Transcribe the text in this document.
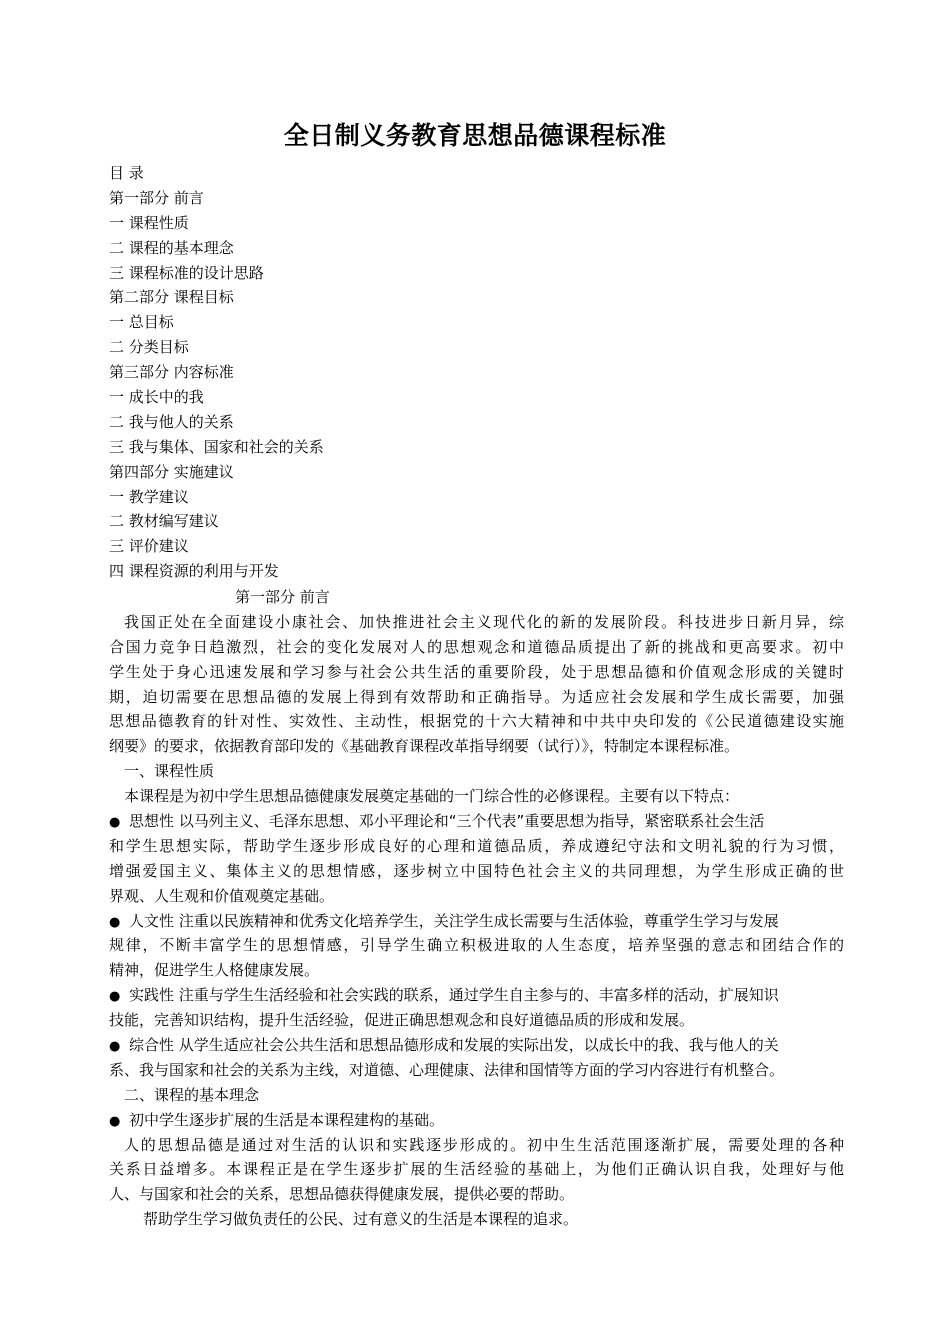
全日制义务教育思想品德课程标准
目 录
第一部分 前言
一 课程性质
二 课程的基本理念
三 课程标准的设计思路
第二部分 课程目标
一 总目标
二 分类目标
第三部分 内容标准
一 成长中的我
二 我与他人的关系
三 我与集体、国家和社会的关系
第四部分 实施建议
一 教学建议
二 教材编写建议
三 评价建议
四 课程资源的利用与开发
第一部分 前言
我国正处在全面建设小康社会、加快推进社会主义现代化的新的发展阶段。科技进步日新月异，综
合国力竞争日趋激烈，社会的变化发展对人的思想观念和道德品质提出了新的挑战和更高要求。初中
学生处于身心迅速发展和学习参与社会公共生活的重要阶段，处于思想品德和价值观念形成的关键时
期，迫切需要在思想品德的发展上得到有效帮助和正确指导。为适应社会发展和学生成长需要，加强
思想品德教育的针对性、实效性、主动性，根据党的十六大精神和中共中央印发的《公民道德建设实施
纲要》的要求，依据教育部印发的《基础教育课程改革指导纲要（试行）》，特制定本课程标准。
一、课程性质
本课程是为初中学生思想品德健康发展奠定基础的一门综合性的必修课程。主要有以下特点：
●思想性 以马列主义、毛泽东思想、邓小平理论和“三个代表”重要思想为指导，紧密联系社会生活
和学生思想实际，帮助学生逐步形成良好的心理和道德品质，养成遵纪守法和文明礼貌的行为习惯，
增强爱国主义、集体主义的思想情感，逐步树立中国特色社会主义的共同理想，为学生形成正确的世
界观、人生观和价值观奠定基础。
●人文性 注重以民族精神和优秀文化培养学生，关注学生成长需要与生活体验，尊重学生学习与发展
规律，不断丰富学生的思想情感，引导学生确立积极进取的人生态度，培养坚强的意志和团结合作的
精神，促进学生人格健康发展。
●实践性 注重与学生生活经验和社会实践的联系，通过学生自主参与的、丰富多样的活动，扩展知识
技能，完善知识结构，提升生活经验，促进正确思想观念和良好道德品质的形成和发展。
●综合性 从学生适应社会公共生活和思想品德形成和发展的实际出发，以成长中的我、我与他人的关
系、我与国家和社会的关系为主线，对道德、心理健康、法律和国情等方面的学习内容进行有机整合。
二、课程的基本理念
●初中学生逐步扩展的生活是本课程建构的基础。
人的思想品德是通过对生活的认识和实践逐步形成的。初中生生活范围逐渐扩展，需要处理的各种
关系日益增多。本课程正是在学生逐步扩展的生活经验的基础上，为他们正确认识自我，处理好与他
人、与国家和社会的关系，思想品德获得健康发展，提供必要的帮助。
帮助学生学习做负责任的公民、过有意义的生活是本课程的追求。
